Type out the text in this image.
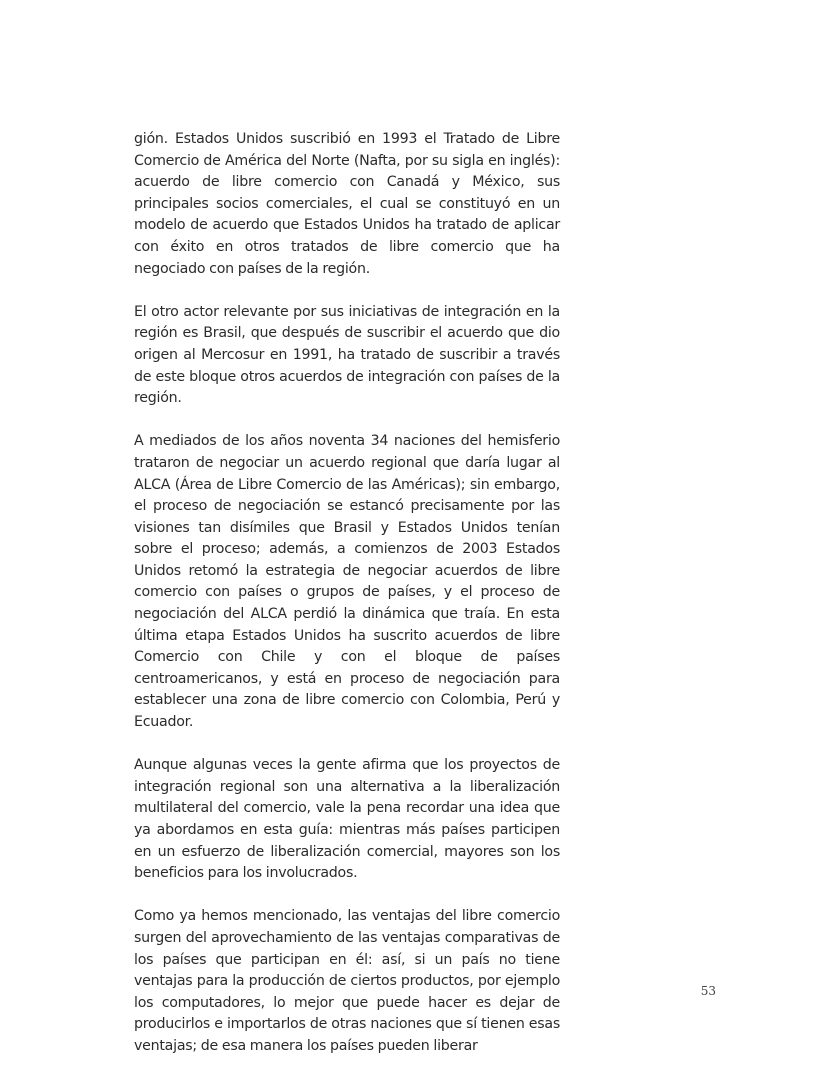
gión. Estados Unidos suscribió en 1993 el Tratado de Libre Comercio de América del Norte (Nafta, por su sigla en inglés): acuerdo de libre comercio con Canadá y México, sus principales socios comerciales, el cual se constituyó en un modelo de acuerdo que Estados Unidos ha tratado de aplicar con éxito en otros tratados de libre comercio que ha negociado con países de la región.

El otro actor relevante por sus iniciativas de integración en la región es Brasil, que después de suscribir el acuerdo que dio origen al Mercosur en 1991, ha tratado de suscribir a través de este bloque otros acuerdos de integración con países de la región.

A mediados de los años noventa 34 naciones del hemisferio trataron de negociar un acuerdo regional que daría lugar al ALCA (Área de Libre Comercio de las Américas); sin embargo, el proceso de negociación se estancó precisamente por las visiones tan disímiles que Brasil y Estados Unidos tenían sobre el proceso; además, a comienzos de 2003 Estados Unidos retomó la estrategia de negociar acuerdos de libre comercio con países o grupos de países, y el proceso de negociación del ALCA perdió la dinámica que traía. En esta última etapa Estados Unidos ha suscrito acuerdos de libre Comercio con Chile y con el bloque de países centroamericanos, y está en proceso de negociación para establecer una zona de libre comercio con Colombia, Perú y Ecuador.

Aunque algunas veces la gente afirma que los proyectos de integración regional son una alternativa a la liberalización multilateral del comercio, vale la pena recordar una idea que ya abordamos en esta guía: mientras más países participen en un esfuerzo de liberalización comercial, mayores son los beneficios para los involucrados.

Como ya hemos mencionado, las ventajas del libre comercio surgen del aprovechamiento de las ventajas comparativas de los países que participan en él: así, si un país no tiene ventajas para la producción de ciertos productos, por ejemplo los computadores, lo mejor que puede hacer es dejar de producirlos e importarlos de otras naciones que sí tienen esas ventajas; de esa manera los países pueden liberar

53
